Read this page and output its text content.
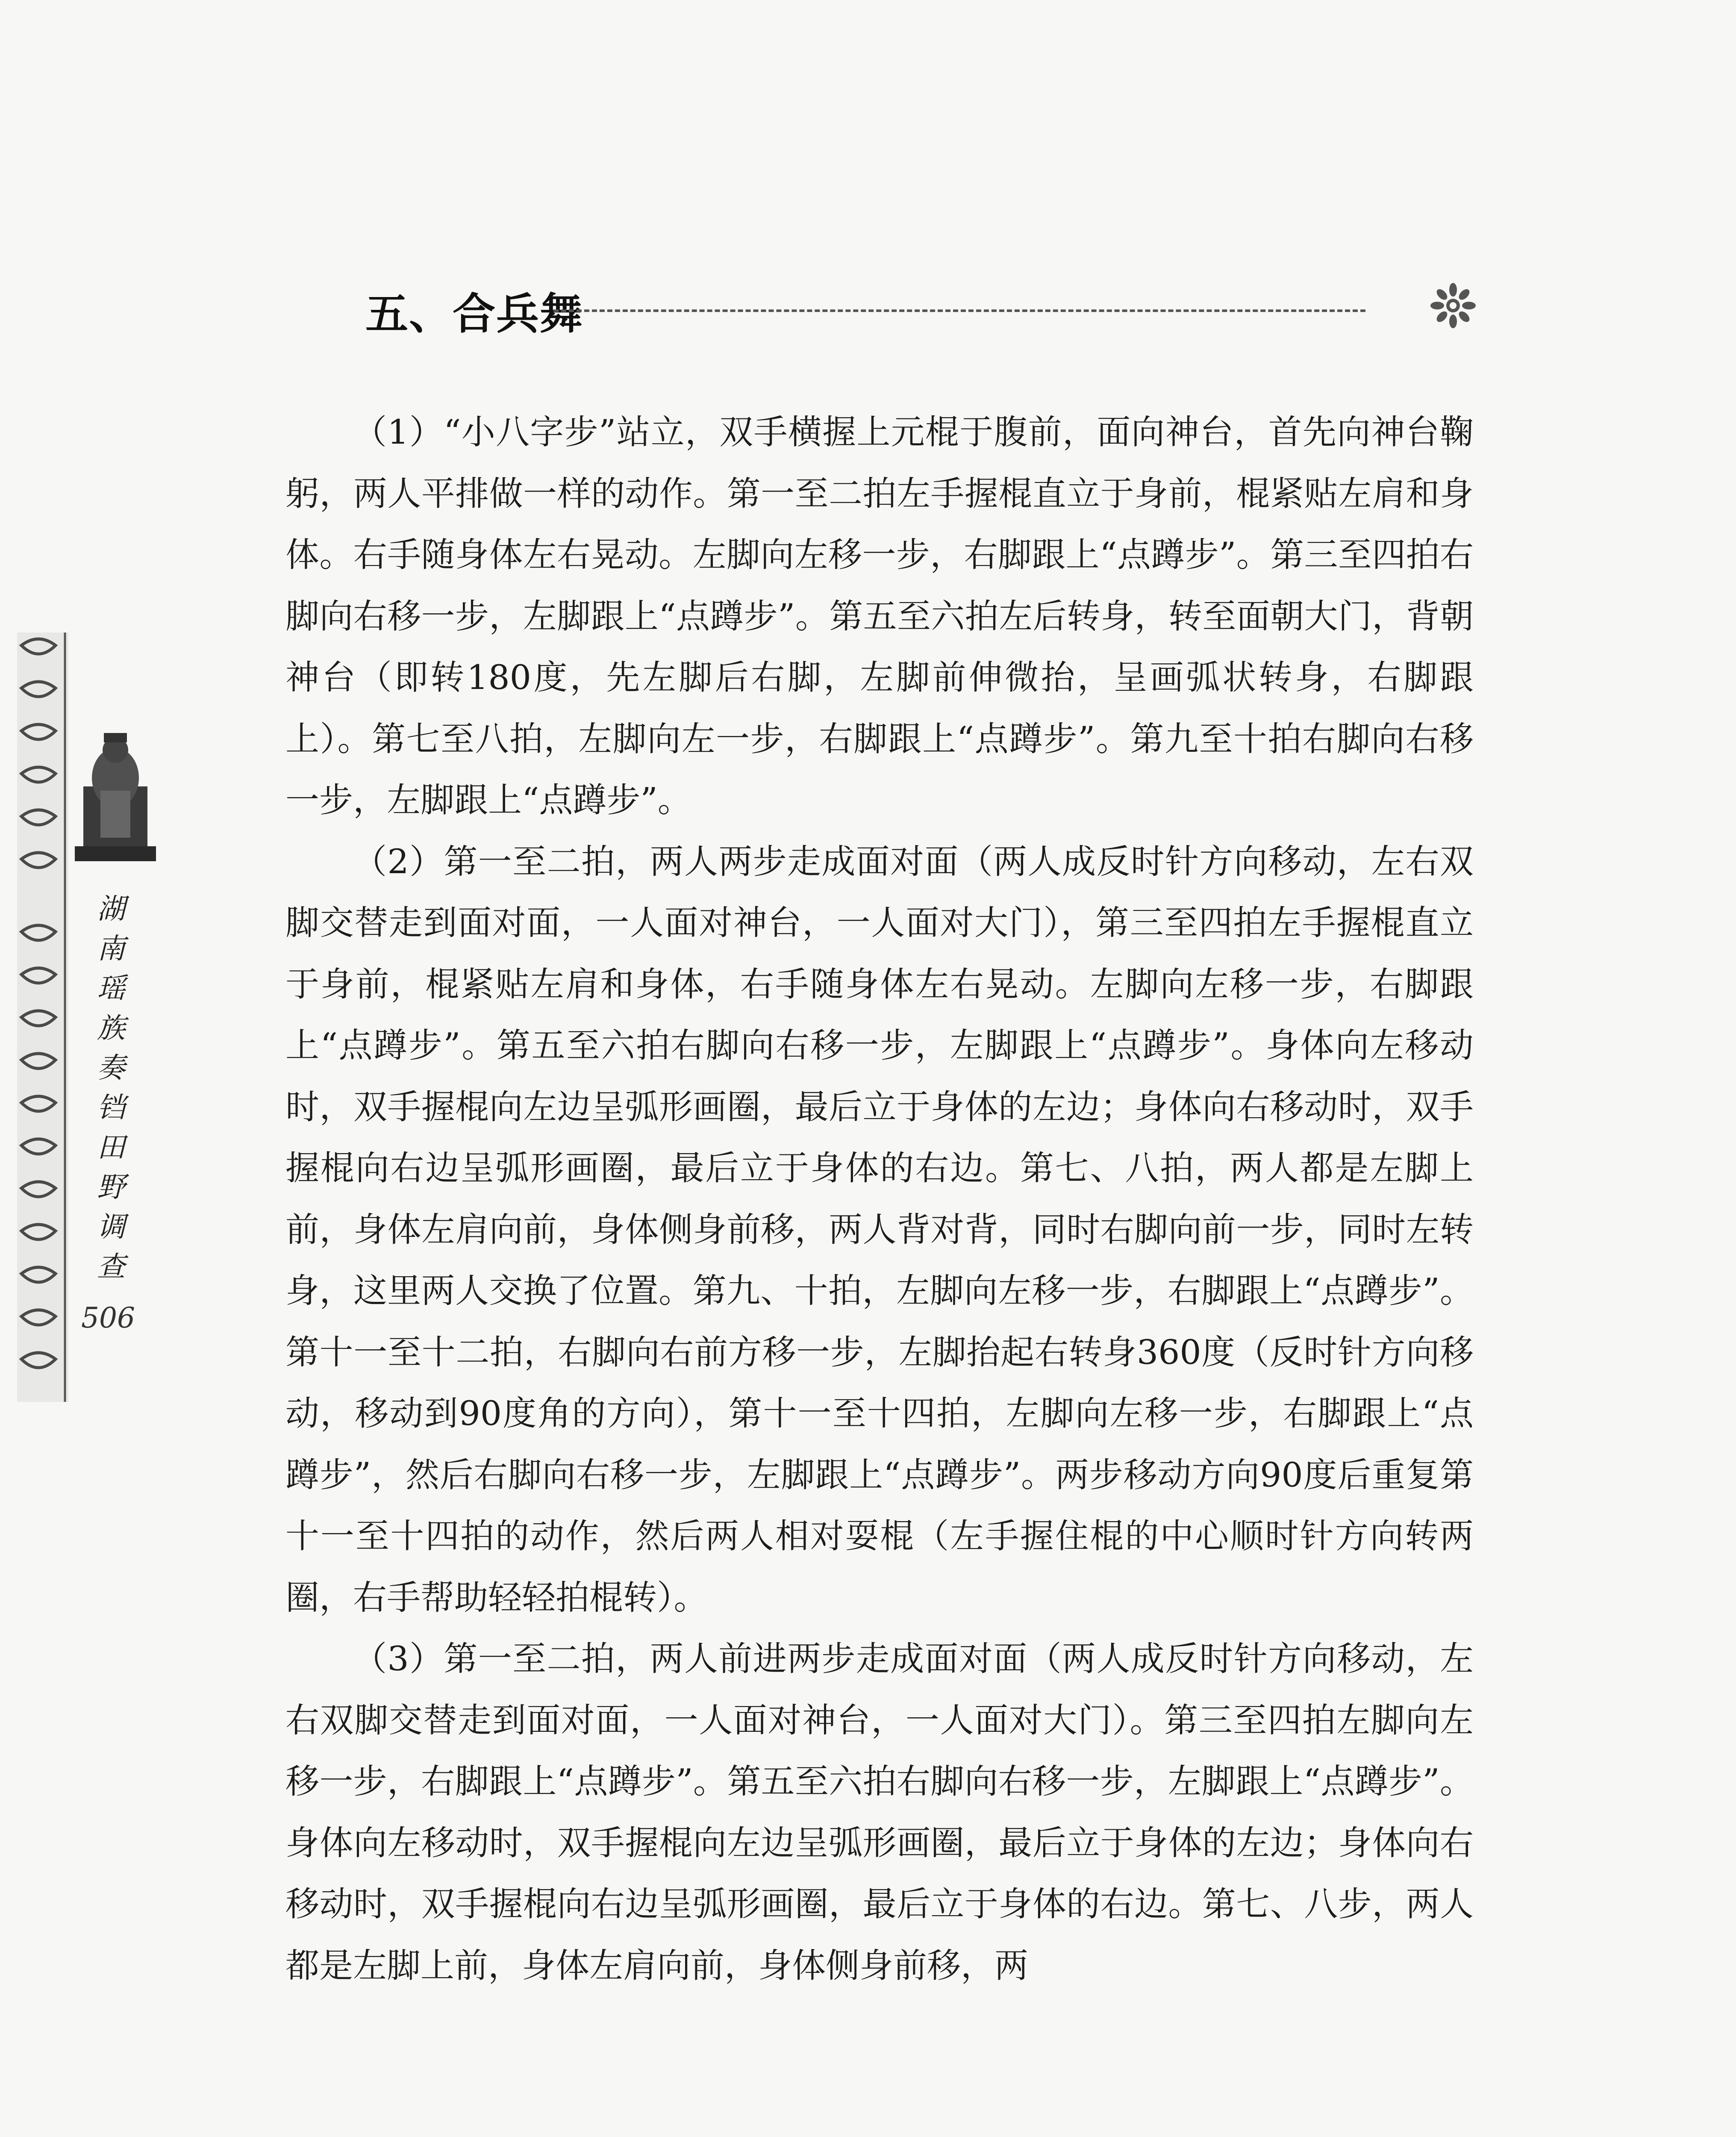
湖
南
瑶
族
奏
铛
田
野
调
查
506
五、合兵舞

（1）“小八字步”站立，双手横握上元棍于腹前，面向神台，首先向神台鞠躬，两人平排做一样的动作。第一至二拍左手握棍直立于身前，棍紧贴左肩和身体。右手随身体左右晃动。左脚向左移一步，右脚跟上“点蹲步”。第三至四拍右脚向右移一步，左脚跟上“点蹲步”。第五至六拍左后转身，转至面朝大门，背朝神台（即转180度，先左脚后右脚，左脚前伸微抬，呈画弧状转身，右脚跟上）。第七至八拍，左脚向左一步，右脚跟上“点蹲步”。第九至十拍右脚向右移一步，左脚跟上“点蹲步”。

（2）第一至二拍，两人两步走成面对面（两人成反时针方向移动，左右双脚交替走到面对面，一人面对神台，一人面对大门），第三至四拍左手握棍直立于身前，棍紧贴左肩和身体，右手随身体左右晃动。左脚向左移一步，右脚跟上“点蹲步”。第五至六拍右脚向右移一步，左脚跟上“点蹲步”。身体向左移动时，双手握棍向左边呈弧形画圈，最后立于身体的左边；身体向右移动时，双手握棍向右边呈弧形画圈，最后立于身体的右边。第七、八拍，两人都是左脚上前，身体左肩向前，身体侧身前移，两人背对背，同时右脚向前一步，同时左转身，这里两人交换了位置。第九、十拍，左脚向左移一步，右脚跟上“点蹲步”。第十一至十二拍，右脚向右前方移一步，左脚抬起右转身360度（反时针方向移动，移动到90度角的方向），第十一至十四拍，左脚向左移一步，右脚跟上“点蹲步”，然后右脚向右移一步，左脚跟上“点蹲步”。两步移动方向90度后重复第十一至十四拍的动作，然后两人相对耍棍（左手握住棍的中心顺时针方向转两圈，右手帮助轻轻拍棍转）。

（3）第一至二拍，两人前进两步走成面对面（两人成反时针方向移动，左右双脚交替走到面对面，一人面对神台，一人面对大门）。第三至四拍左脚向左移一步，右脚跟上“点蹲步”。第五至六拍右脚向右移一步，左脚跟上“点蹲步”。身体向左移动时，双手握棍向左边呈弧形画圈，最后立于身体的左边；身体向右移动时，双手握棍向右边呈弧形画圈，最后立于身体的右边。第七、八步，两人都是左脚上前，身体左肩向前，身体侧身前移，两
